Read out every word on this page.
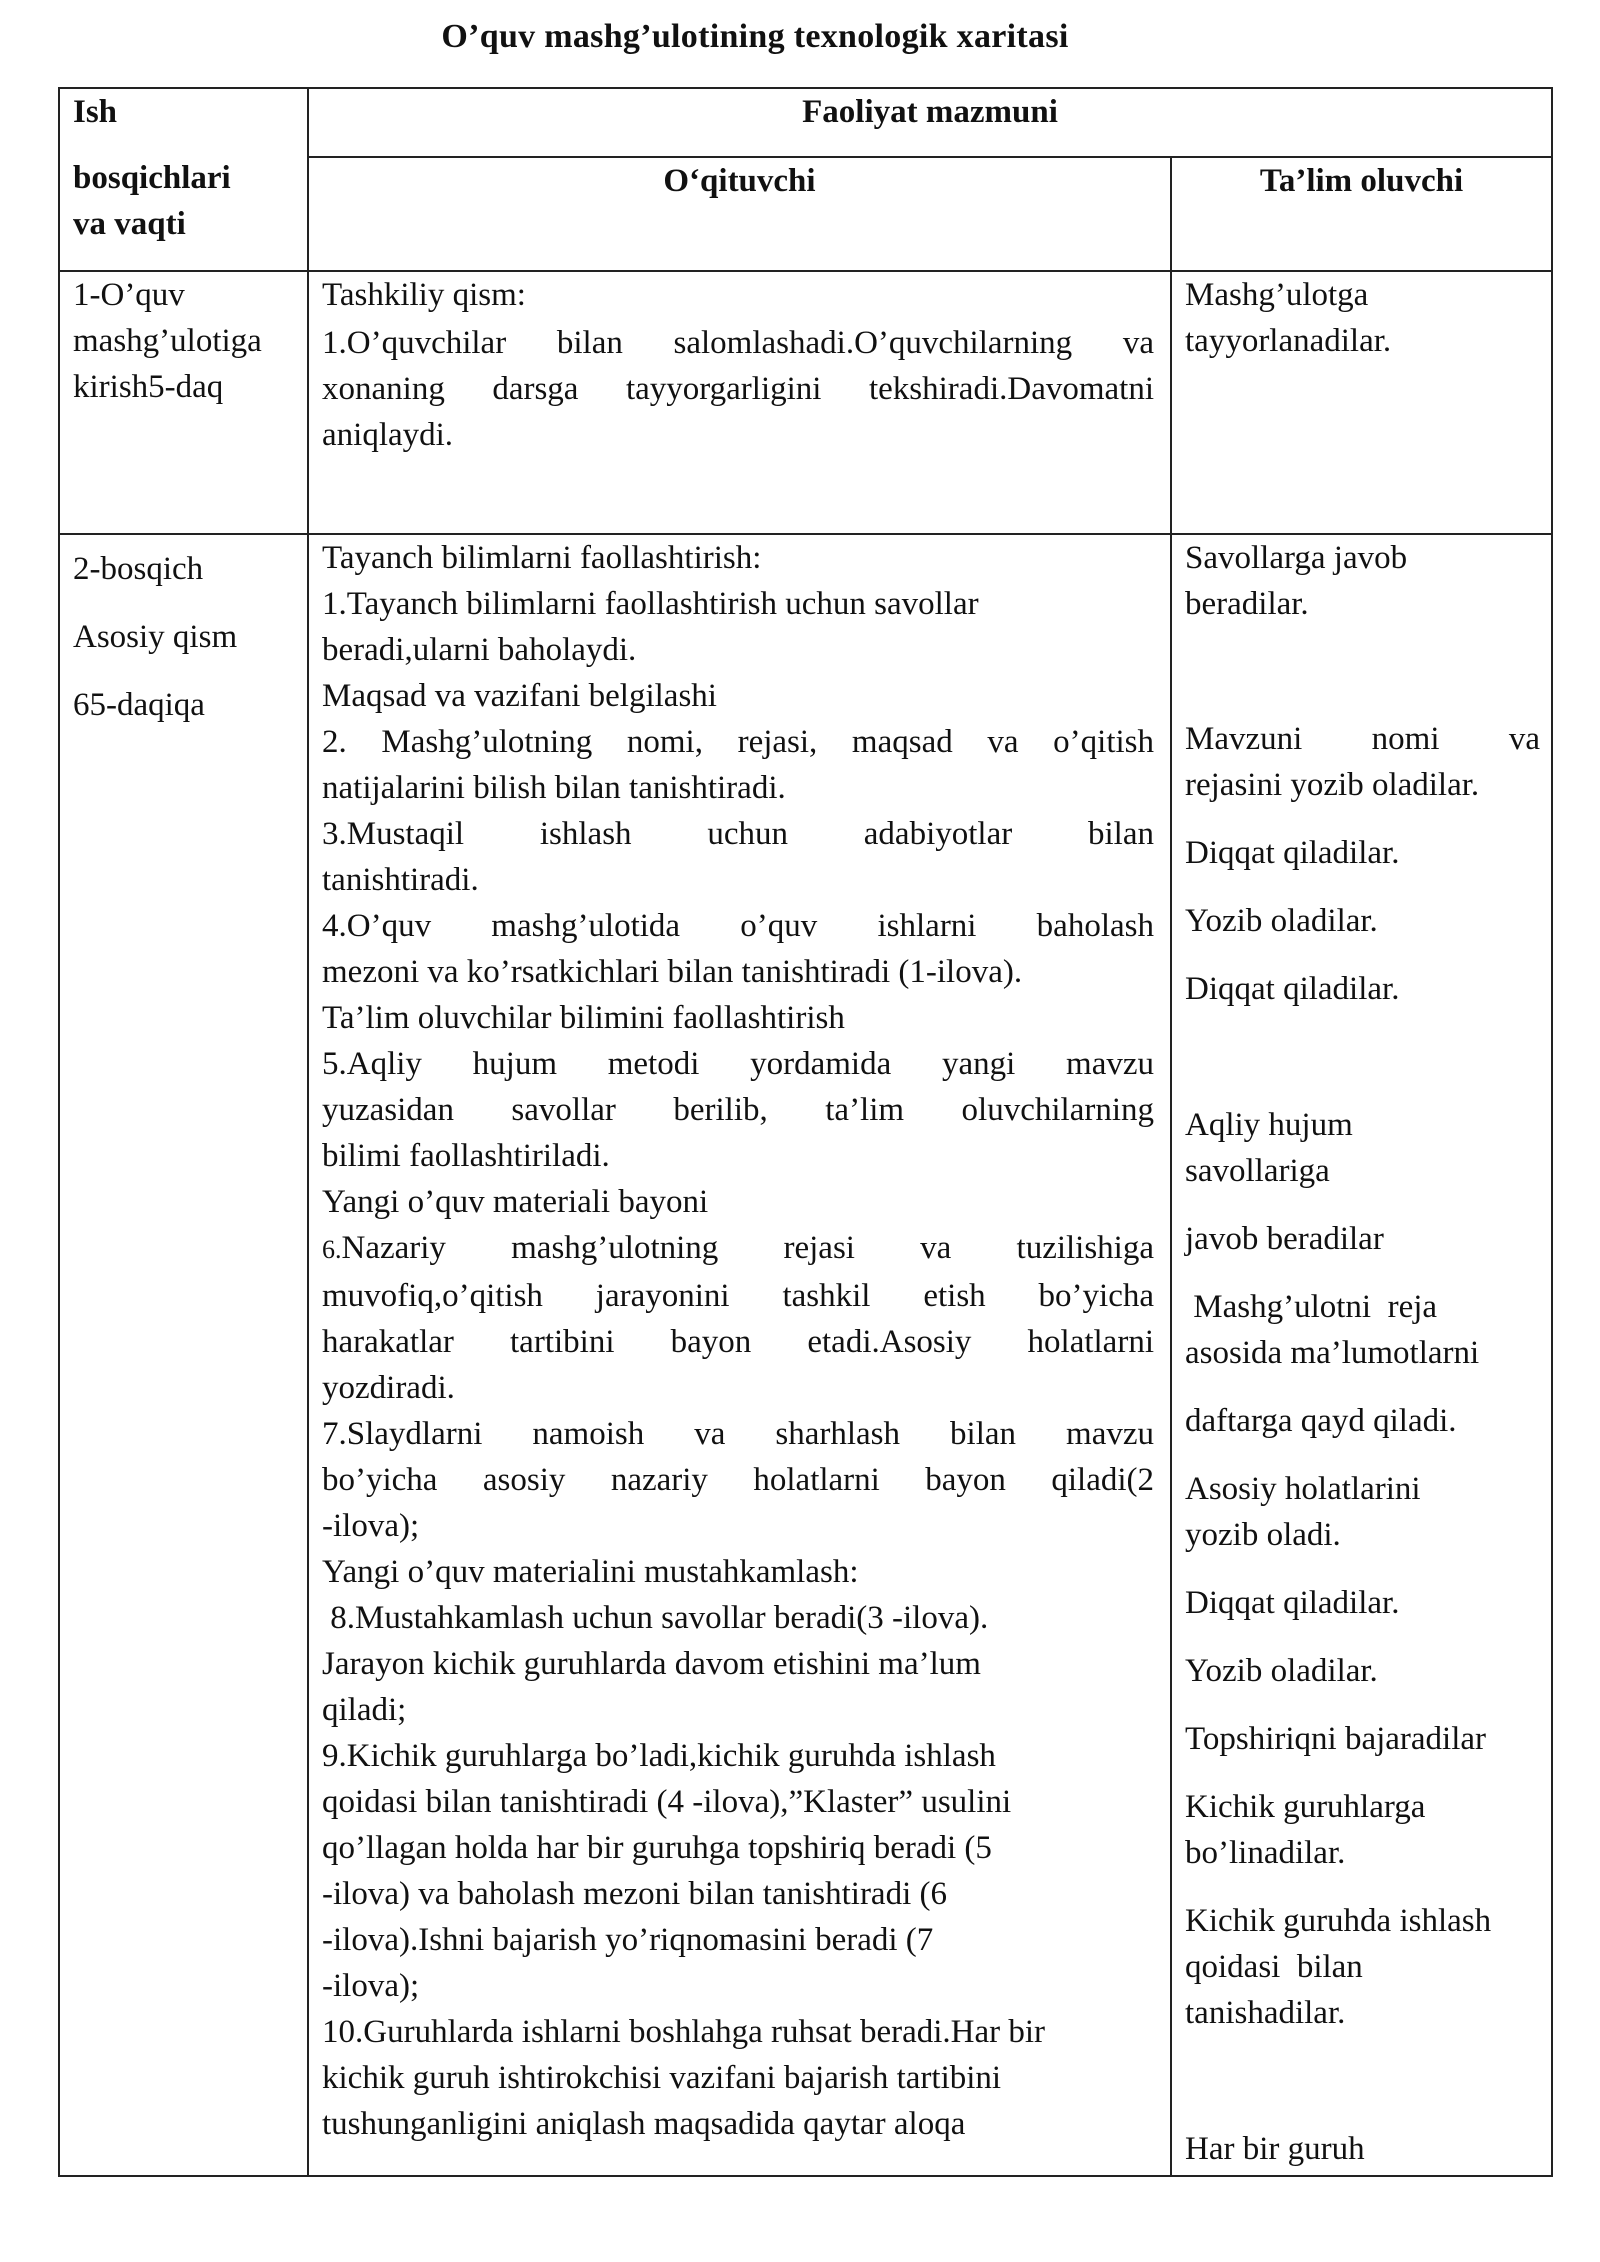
O’quv mashg’ulotining texnologik xaritasi
Ish
bosqichlari
va vaqti
Faoliyat mazmuni
Oʻqituvchi	Ta’lim oluvchi
1-O’quv
mashg’ulotiga
kirish5-daq
Tashkiliy qism:
1.O’quvchilar bilan salomlashadi.O’quvchilarning va
xonaning darsga tayyorgarligini tekshiradi.Davomatni
aniqlaydi.
Mashg’ulotga
tayyorlanadilar.
2-bosqich
Asosiy qism
65-daqiqa
Tayanch bilimlarni faollashtirish:
1.Tayanch bilimlarni faollashtirish uchun savollar
beradi,ularni baholaydi.
Maqsad va vazifani belgilashi
2. Mashg’ulotning nomi, rejasi, maqsad va o’qitish
natijalarini bilish bilan tanishtiradi.
3.Mustaqil ishlash uchun adabiyotlar bilan
tanishtiradi.
4.O’quv mashg’ulotida o’quv ishlarni baholash
mezoni va ko’rsatkichlari bilan tanishtiradi (1-ilova).
Ta’lim oluvchilar bilimini faollashtirish
5.Aqliy hujum metodi yordamida yangi mavzu
yuzasidan savollar berilib, ta’lim oluvchilarning
bilimi faollashtiriladi.
Yangi o’quv materiali bayoni
6.Nazariy mashg’ulotning rejasi va tuzilishiga
muvofiq,o’qitish jarayonini tashkil etish bo’yicha
harakatlar tartibini bayon etadi.Asosiy holatlarni
yozdiradi.
7.Slaydlarni namoish va sharhlash bilan mavzu
bo’yicha asosiy nazariy holatlarni bayon qiladi(2
-ilova);
Yangi o’quv materialini mustahkamlash:
8.Mustahkamlash uchun savollar beradi(3 -ilova).
Jarayon kichik guruhlarda davom etishini ma’lum
qiladi;
9.Kichik guruhlarga bo’ladi,kichik guruhda ishlash
qoidasi bilan tanishtiradi (4 -ilova),”Klaster” usulini
qo’llagan holda har bir guruhga topshiriq beradi (5
-ilova) va baholash mezoni bilan tanishtiradi (6
-ilova).Ishni bajarish yo’riqnomasini beradi (7
-ilova);
10.Guruhlarda ishlarni boshlahga ruhsat beradi.Har bir
kichik guruh ishtirokchisi vazifani bajarish tartibini
tushunganligini aniqlash maqsadida qaytar aloqa
Savollarga javob
beradilar.
Mavzuni    nomi    va
rejasini yozib oladilar.
Diqqat qiladilar.
Yozib oladilar.
Diqqat qiladilar.
Aqliy hujum
savollariga
javob beradilar
Mashg’ulotni  reja
asosida ma’lumotlarni
daftarga qayd qiladi.
Asosiy holatlarini
yozib oladi.
Diqqat qiladilar.
Yozib oladilar.
Topshiriqni bajaradilar
Kichik guruhlarga
bo’linadilar.
Kichik guruhda ishlash
qoidasi  bilan
tanishadilar.
Har bir guruh
